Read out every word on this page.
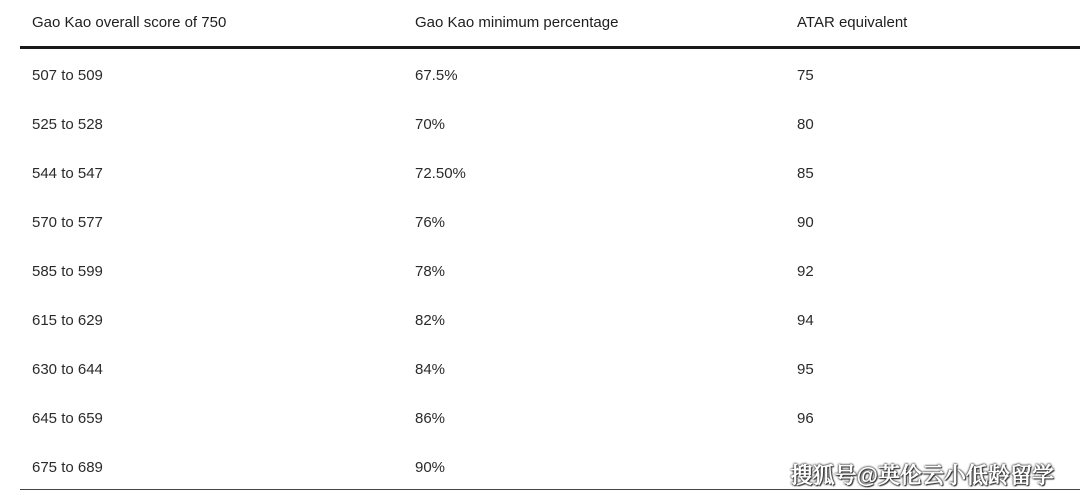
Gao Kao overall score of 750	Gao Kao minimum percentage	ATAR equivalent
507 to 509	67.5%	75
525 to 528	70%	80
544 to 547	72.50%	85
570 to 577	76%	90
585 to 599	78%	92
615 to 629	82%	94
630 to 644	84%	95
645 to 659	86%	96
675 to 689	90%	搜狐号@英伦云小低龄留学
